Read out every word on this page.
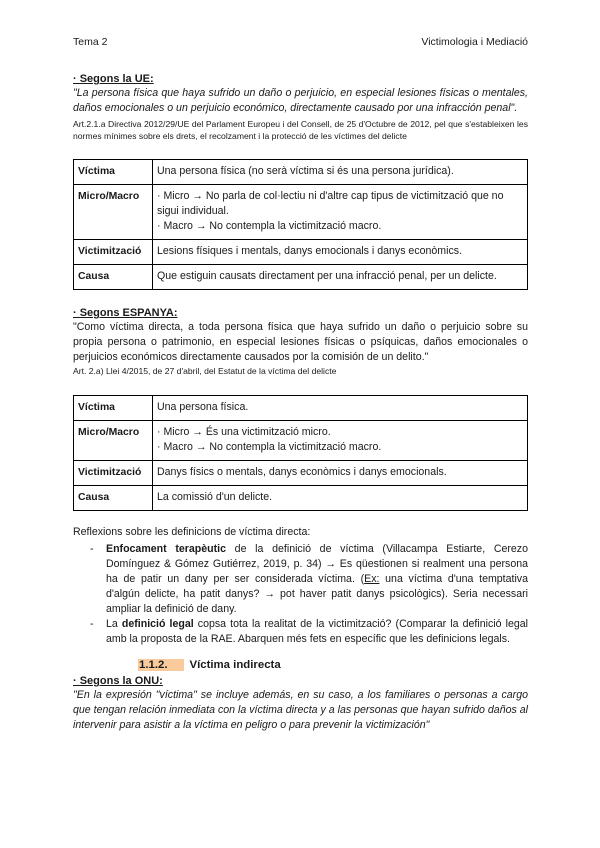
Tema 2	Victimologia i Mediació
· Segons la UE:

"La persona física que haya sufrido un daño o perjuicio, en especial lesiones físicas o mentales, daños emocionales o un perjuicio económico, directamente causado por una infracción penal".

Art.2.1.a Directiva 2012/29/UE del Parlament Europeu i del Consell, de 25 d'Octubre de 2012, pel que s'estableixen les normes mínimes sobre els drets, el recolzament i la protecció de les víctimes del delicte

Víctima	Una persona física (no serà víctima si és una persona jurídica).
Micro/Macro	· Micro → No parla de col·lectiu ni d'altre cap tipus de victimització que no sigui individual.
· Macro → No contempla la victimització macro.

Victimització	Lesions físiques i mentals, danys emocionals i danys econòmics.
Causa	Que estiguin causats directament per una infracció penal, per un delicte.
· Segons ESPANYA:

"Como víctima directa, a toda persona física que haya sufrido un daño o perjuicio sobre su propia persona o patrimonio, en especial lesiones físicas o psíquicas, daños emocionales o perjuicios económicos directamente causados por la comisión de un delito."

Art. 2.a) Llei 4/2015, de 27 d'abril, del Estatut de la víctima del delicte

Víctima	Una persona física.
Micro/Macro	· Micro → És una victimització micro.
· Macro → No contempla la victimització macro.

Victimització	Danys físics o mentals, danys econòmics i danys emocionals.
Causa	La comissió d'un delicte.
Reflexions sobre les definicions de víctima directa:
- Enfocament terapèutic de la definició de víctima (Villacampa Estiarte, Cerezo Domínguez & Gómez Gutiérrez, 2019, p. 34) → Es qüestionen si realment una persona ha de patir un dany per ser considerada víctima. (Ex: una víctima d'una temptativa d'algún delicte, ha patit danys? → pot haver patit danys psicològics). Seria necessari ampliar la definició de dany.
- La definició legal copsa tota la realitat de la victimització? (Comparar la definició legal amb la proposta de la RAE. Abarquen més fets en específic que les definicions legals.
1.1.2. Víctima indirecta
· Segons la ONU:

"En la expresión "víctima" se incluye además, en su caso, a los familiares o personas a cargo que tengan relación inmediata con la víctima directa y a las personas que hayan sufrido daños al intervenir para asistir a la víctima en peligro o para prevenir la victimización"
